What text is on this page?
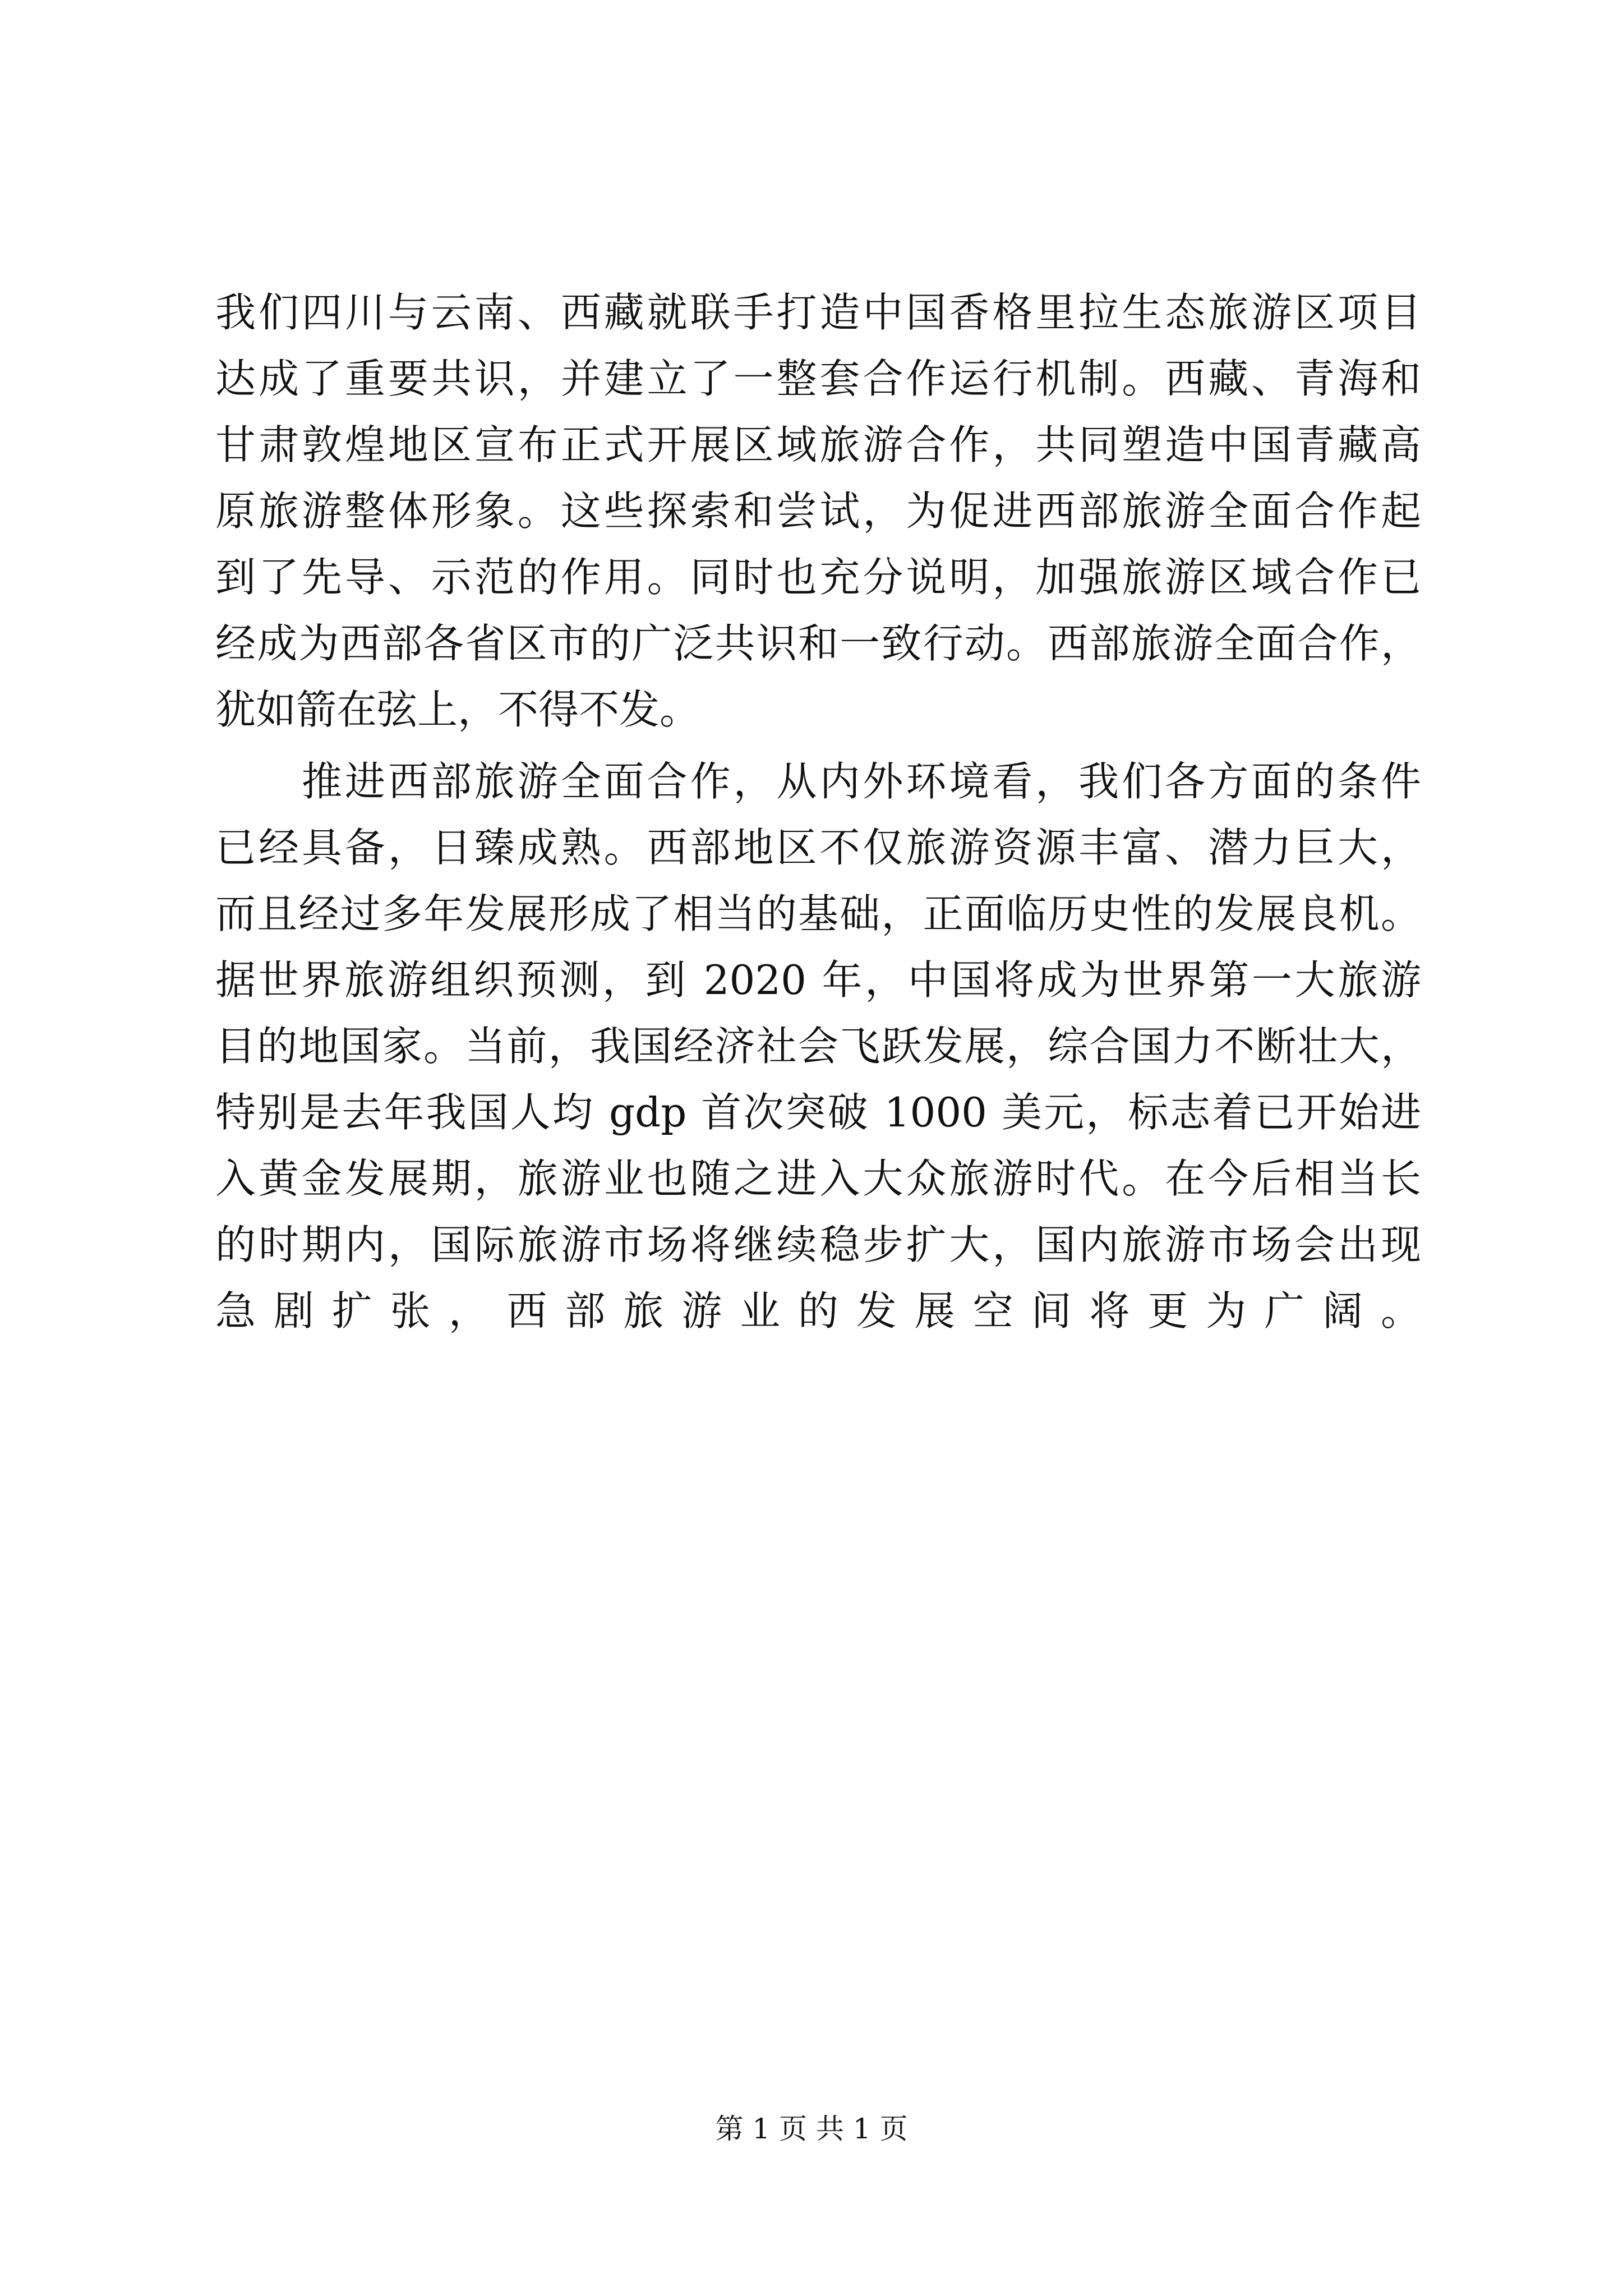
我们四川与云南、西藏就联手打造中国香格里拉生态旅游区项目
达成了重要共识，并建立了一整套合作运行机制。西藏、青海和
甘肃敦煌地区宣布正式开展区域旅游合作，共同塑造中国青藏高
原旅游整体形象。这些探索和尝试，为促进西部旅游全面合作起
到了先导、示范的作用。同时也充分说明，加强旅游区域合作已
经成为西部各省区市的广泛共识和一致行动。西部旅游全面合作，
犹如箭在弦上，不得不发。
　　推进西部旅游全面合作，从内外环境看，我们各方面的条件
已经具备，日臻成熟。西部地区不仅旅游资源丰富、潜力巨大，
而且经过多年发展形成了相当的基础，正面临历史性的发展良机。
据世界旅游组织预测，到 2020 年，中国将成为世界第一大旅游
目的地国家。当前，我国经济社会飞跃发展，综合国力不断壮大，
特别是去年我国人均 gdp 首次突破 1000 美元，标志着已开始进
入黄金发展期，旅游业也随之进入大众旅游时代。在今后相当长
的时期内，国际旅游市场将继续稳步扩大，国内旅游市场会出现
急剧扩张，西部旅游业的发展空间将更为广阔。
第 1 页 共 1 页
